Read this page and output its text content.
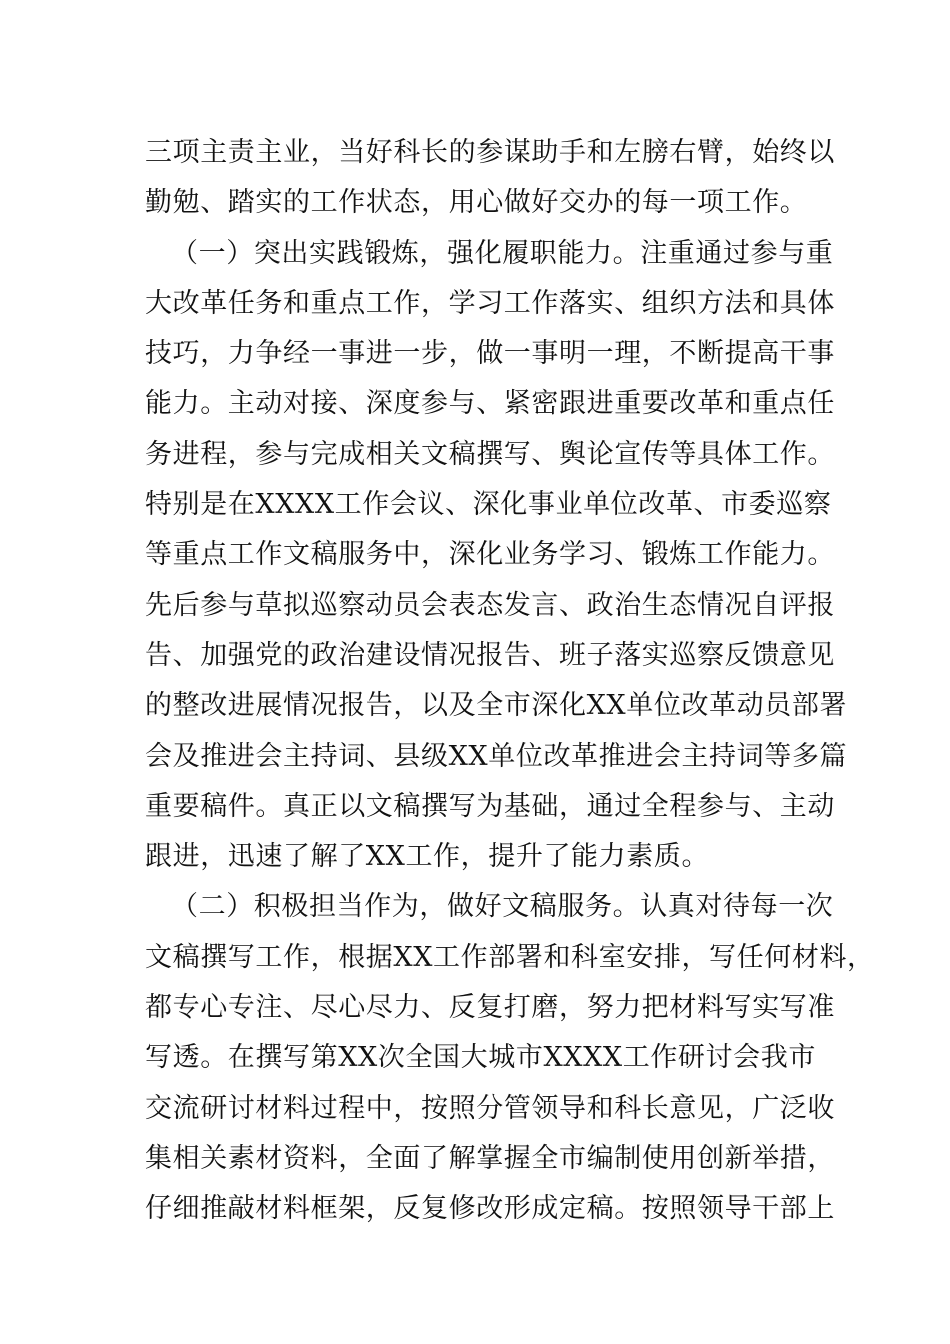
三项主责主业，当好科长的参谋助手和左膀右臂，始终以
勤勉、踏实的工作状态，用心做好交办的每一项工作。
（一）突出实践锻炼，强化履职能力。注重通过参与重
大改革任务和重点工作，学习工作落实、组织方法和具体
技巧，力争经一事进一步，做一事明一理，不断提高干事
能力。主动对接、深度参与、紧密跟进重要改革和重点任
务进程，参与完成相关文稿撰写、舆论宣传等具体工作。
特别是在XXXX工作会议、深化事业单位改革、市委巡察
等重点工作文稿服务中，深化业务学习、锻炼工作能力。
先后参与草拟巡察动员会表态发言、政治生态情况自评报
告、加强党的政治建设情况报告、班子落实巡察反馈意见
的整改进展情况报告，以及全市深化XX单位改革动员部署
会及推进会主持词、县级XX单位改革推进会主持词等多篇
重要稿件。真正以文稿撰写为基础，通过全程参与、主动
跟进，迅速了解了XX工作，提升了能力素质。
（二）积极担当作为，做好文稿服务。认真对待每一次
文稿撰写工作，根据XX工作部署和科室安排，写任何材料，
都专心专注、尽心尽力、反复打磨，努力把材料写实写准
写透。在撰写第XX次全国大城市XXXX工作研讨会我市
交流研讨材料过程中，按照分管领导和科长意见，广泛收
集相关素材资料，全面了解掌握全市编制使用创新举措，
仔细推敲材料框架，反复修改形成定稿。按照领导干部上
